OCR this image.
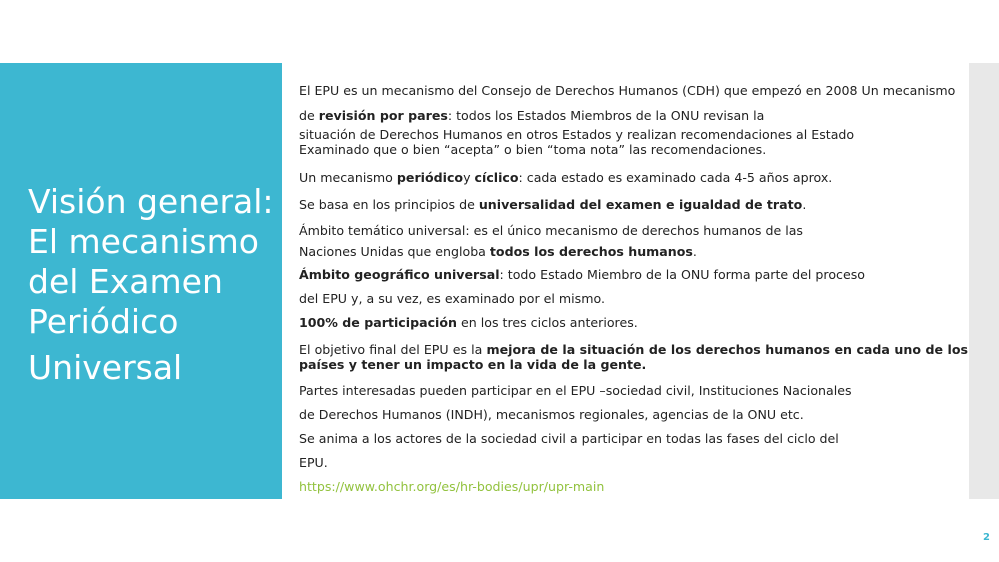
Visión general:
El mecanismo
del Examen
Periódico
Universal
El EPU es un mecanismo del Consejo de Derechos Humanos (CDH) que empezó en 2008 Un mecanismo
de revisión por pares: todos los Estados Miembros de la ONU revisan la
situación de Derechos Humanos en otros Estados y realizan recomendaciones al Estado
Examinado que o bien “acepta” o bien “toma nota” las recomendaciones.
Un mecanismo periódicoy cíclico: cada estado es examinado cada 4-5 años aprox.
Se basa en los principios de universalidad del examen e igualdad de trato.
Ámbito temático universal: es el único mecanismo de derechos humanos de las
Naciones Unidas que engloba todos los derechos humanos.
Ámbito geográfico universal: todo Estado Miembro de la ONU forma parte del proceso
del EPU y, a su vez, es examinado por el mismo.
100% de participación en los tres ciclos anteriores.
El objetivo final del EPU es la mejora de la situación de los derechos humanos en cada uno de los
países y tener un impacto en la vida de la gente.
Partes interesadas pueden participar en el EPU –sociedad civil, Instituciones Nacionales
de Derechos Humanos (INDH), mecanismos regionales, agencias de la ONU etc.
Se anima a los actores de la sociedad civil a participar en todas las fases del ciclo del
EPU.
https://www.ohchr.org/es/hr-bodies/upr/upr-main
2
